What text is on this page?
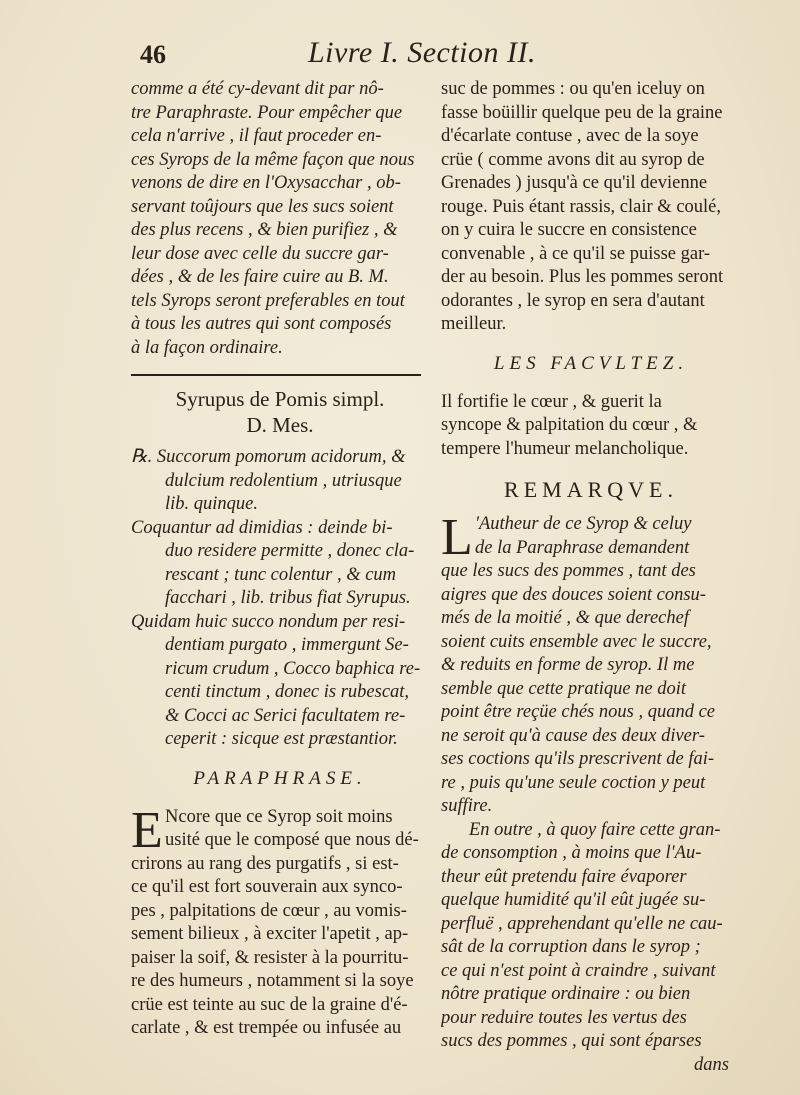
46	Livre I. Section II.
comme a été cy-devant dit par nô-
tre Paraphraste. Pour empêcher que
cela n'arrive , il faut proceder en-
ces Syrops de la même façon que nous
venons de dire en l'Oxysacchar , ob-
servant toûjours que les sucs soient
des plus recens , & bien purifiez , &
leur dose avec celle du succre gar-
dées , & de les faire cuire au B. M.
tels Syrops seront preferables en tout
à tous les autres qui sont composés
à la façon ordinaire.
Syrupus de Pomis simpl.
D. Mes.
℞. Succorum pomorum acidorum, &
dulcium redolentium , utriusque
lib. quinque.
Coquantur ad dimidias : deinde bi-
duo residere permitte , donec cla-
rescant ; tunc colentur , & cum
facchari , lib. tribus fiat Syrupus.
Quidam huic succo nondum per resi-
dentiam purgato , immergunt Se-
ricum crudum , Cocco baphica re-
centi tinctum , donec is rubescat,
& Cocci ac Serici facultatem re-
ceperit : sicque est præstantior.
PARAPHRASE.
E Ncore que ce Syrop soit moins
usité que le composé que nous dé-
crirons au rang des purgatifs , si est-
ce qu'il est fort souverain aux syncο-
pes , palpitations de cœur , au vomis-
sement bilieux , à exciter l'apetit , ap-
paiser la soif, & resister à la pourritu-
re des humeurs , notamment si la soye
crüe est teinte au suc de la graine d'é-
carlate , & est trempée ou infusée au
suc de pommes : ou qu'en iceluy on
fasse boüillir quelque peu de la graine
d'écarlate contuse , avec de la soye
crüe ( comme avons dit au syrop de
Grenades ) jusqu'à ce qu'il devienne
rouge. Puis étant rassis, clair & coulé,
on y cuira le succre en consistence
convenable , à ce qu'il se puisse gar-
der au besoin. Plus les pommes seront
odorantes , le syrop en sera d'autant
meilleur.
LES FACVLTEZ.
Il fortifie le cœur , & guerit la
syncope & palpitation du cœur , &
tempere l'humeur melancholique.
REMARQVE.
L 'Autheur de ce Syrop & celuy
de la Paraphrase demandent
que les sucs des pommes , tant des
aigres que des douces soient consu-
més de la moitié , & que derechef
soient cuits ensemble avec le succre,
& reduits en forme de syrop. Il me
semble que cette pratique ne doit
point être reçüe chés nous , quand ce
ne seroit qu'à cause des deux diver-
ses coctions qu'ils prescrivent de fai-
re , puis qu'une seule coction y peut
suffire.
En outre , à quoy faire cette gran-
de consomption , à moins que l'Au-
theur eût pretendu faire évaporer
quelque humidité qu'il eût jugée su-
perfluë , apprehendant qu'elle ne cau-
sât de la corruption dans le syrop ;
ce qui n'est point à craindre , suivant
nôtre pratique ordinaire : ou bien
pour reduire toutes les vertus des
sucs des pommes , qui sont éparses
dans
